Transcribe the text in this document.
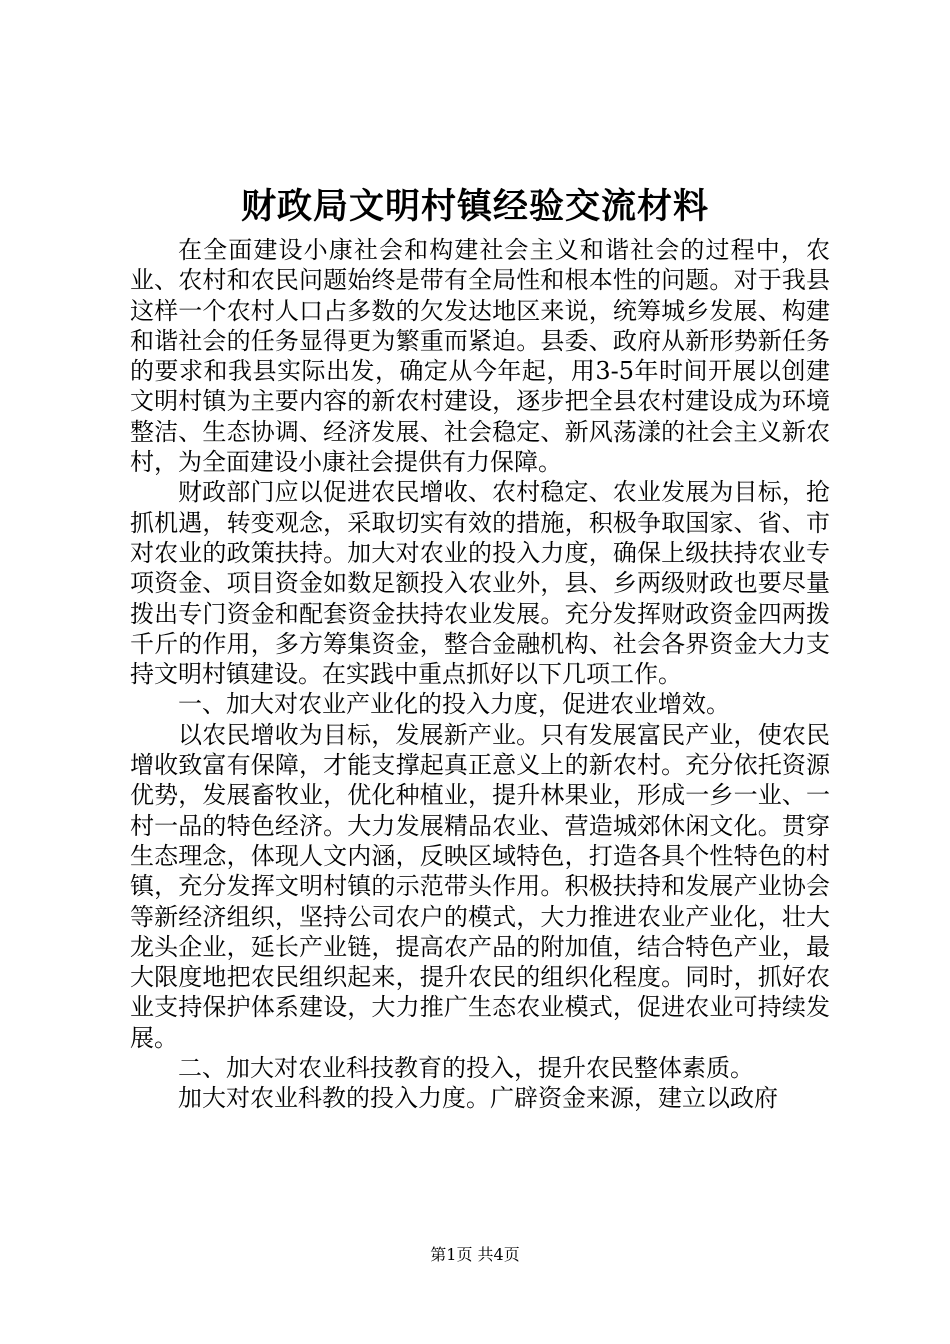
财政局文明村镇经验交流材料

在全面建设小康社会和构建社会主义和谐社会的过程中，农业、农村和农民问题始终是带有全局性和根本性的问题。对于我县这样一个农村人口占多数的欠发达地区来说，统筹城乡发展、构建和谐社会的任务显得更为繁重而紧迫。县委、政府从新形势新任务的要求和我县实际出发，确定从今年起，用3-5年时间开展以创建文明村镇为主要内容的新农村建设，逐步把全县农村建设成为环境整洁、生态协调、经济发展、社会稳定、新风荡漾的社会主义新农村，为全面建设小康社会提供有力保障。

财政部门应以促进农民增收、农村稳定、农业发展为目标，抢抓机遇，转变观念，采取切实有效的措施，积极争取国家、省、市对农业的政策扶持。加大对农业的投入力度，确保上级扶持农业专项资金、项目资金如数足额投入农业外，县、乡两级财政也要尽量拨出专门资金和配套资金扶持农业发展。充分发挥财政资金四两拨千斤的作用，多方筹集资金，整合金融机构、社会各界资金大力支持文明村镇建设。在实践中重点抓好以下几项工作。

一、加大对农业产业化的投入力度，促进农业增效。

以农民增收为目标，发展新产业。只有发展富民产业，使农民增收致富有保障，才能支撑起真正意义上的新农村。充分依托资源优势，发展畜牧业，优化种植业，提升林果业，形成一乡一业、一村一品的特色经济。大力发展精品农业、营造城郊休闲文化。贯穿生态理念，体现人文内涵，反映区域特色，打造各具个性特色的村镇，充分发挥文明村镇的示范带头作用。积极扶持和发展产业协会等新经济组织，坚持公司农户的模式，大力推进农业产业化，壮大龙头企业，延长产业链，提高农产品的附加值，结合特色产业，最大限度地把农民组织起来，提升农民的组织化程度。同时，抓好农业支持保护体系建设，大力推广生态农业模式，促进农业可持续发展。

二、加大对农业科技教育的投入，提升农民整体素质。

加大对农业科教的投入力度。广辟资金来源，建立以政府

第1页 共4页
